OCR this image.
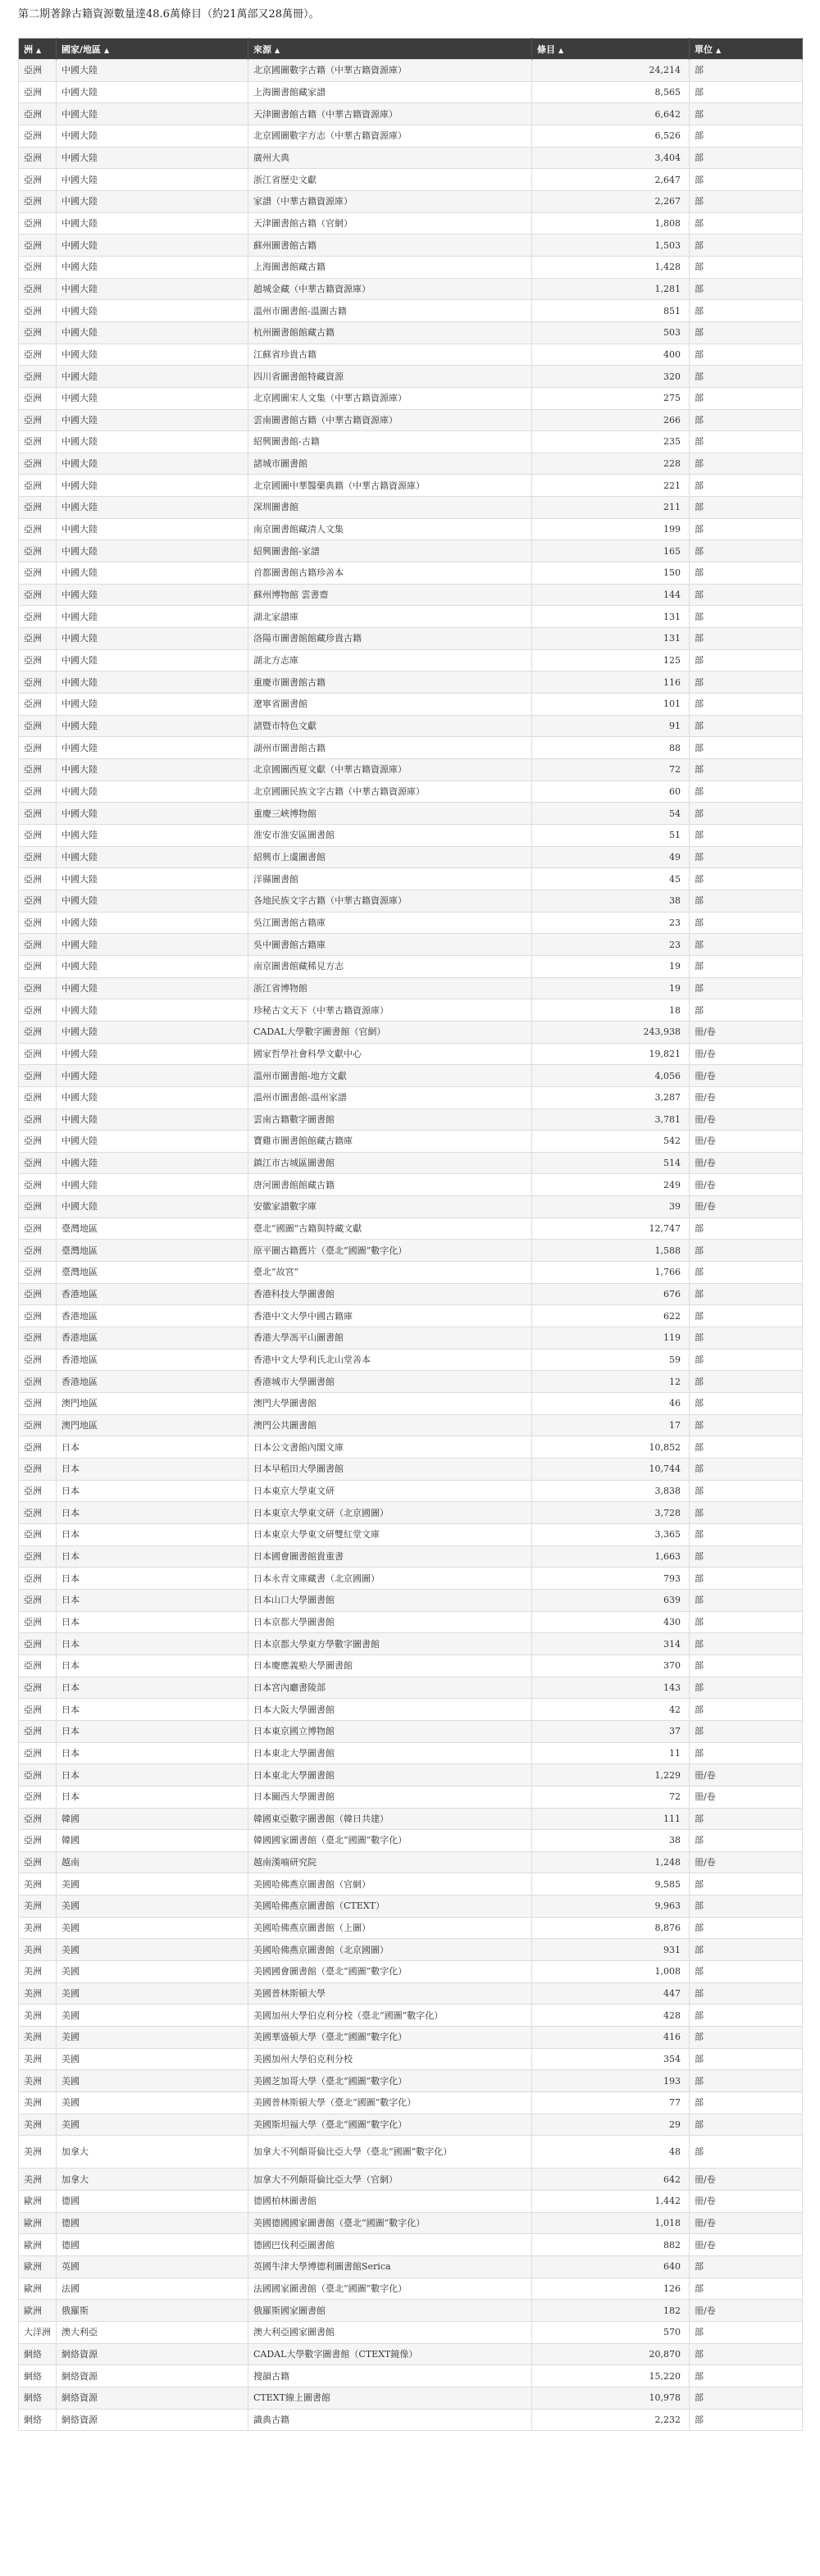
第二期著錄古籍資源數量達48.6萬條目（約21萬部又28萬冊）。

洲 ▲	國家/地區 ▲	來源 ▲	條目 ▲	單位 ▲
亞洲	中國大陸	北京國圖數字古籍（中華古籍資源庫）	24,214	部
亞洲	中國大陸	上海圖書館藏家譜	8,565	部
亞洲	中國大陸	天津圖書館古籍（中華古籍資源庫）	6,642	部
亞洲	中國大陸	北京國圖數字方志（中華古籍資源庫）	6,526	部
亞洲	中國大陸	廣州大典	3,404	部
亞洲	中國大陸	浙江省歷史文獻	2,647	部
亞洲	中國大陸	家譜（中華古籍資源庫）	2,267	部
亞洲	中國大陸	天津圖書館古籍（官網）	1,808	部
亞洲	中國大陸	蘇州圖書館古籍	1,503	部
亞洲	中國大陸	上海圖書館藏古籍	1,428	部
亞洲	中國大陸	趙城金藏（中華古籍資源庫）	1,281	部
亞洲	中國大陸	溫州市圖書館-溫圖古籍	851	部
亞洲	中國大陸	杭州圖書館館藏古籍	503	部
亞洲	中國大陸	江蘇省珍貴古籍	400	部
亞洲	中國大陸	四川省圖書館特藏資源	320	部
亞洲	中國大陸	北京國圖宋人文集（中華古籍資源庫）	275	部
亞洲	中國大陸	雲南圖書館古籍（中華古籍資源庫）	266	部
亞洲	中國大陸	紹興圖書館-古籍	235	部
亞洲	中國大陸	諸城市圖書館	228	部
亞洲	中國大陸	北京國圖中華醫藥典籍（中華古籍資源庫）	221	部
亞洲	中國大陸	深圳圖書館	211	部
亞洲	中國大陸	南京圖書館藏清人文集	199	部
亞洲	中國大陸	紹興圖書館-家譜	165	部
亞洲	中國大陸	首都圖書館古籍珍善本	150	部
亞洲	中國大陸	蘇州博物館 雲書齋	144	部
亞洲	中國大陸	湖北家譜庫	131	部
亞洲	中國大陸	洛陽市圖書館館藏珍貴古籍	131	部
亞洲	中國大陸	湖北方志庫	125	部
亞洲	中國大陸	重慶市圖書館古籍	116	部
亞洲	中國大陸	遼寧省圖書館	101	部
亞洲	中國大陸	諸暨市特色文獻	91	部
亞洲	中國大陸	湖州市圖書館古籍	88	部
亞洲	中國大陸	北京國圖西夏文獻（中華古籍資源庫）	72	部
亞洲	中國大陸	北京國圖民族文字古籍（中華古籍資源庫）	60	部
亞洲	中國大陸	重慶三峽博物館	54	部
亞洲	中國大陸	淮安市淮安區圖書館	51	部
亞洲	中國大陸	紹興市上虞圖書館	49	部
亞洲	中國大陸	洋縣圖書館	45	部
亞洲	中國大陸	各地民族文字古籍（中華古籍資源庫）	38	部
亞洲	中國大陸	吳江圖書館古籍庫	23	部
亞洲	中國大陸	吳中圖書館古籍庫	23	部
亞洲	中國大陸	南京圖書館藏稀見方志	19	部
亞洲	中國大陸	浙江省博物館	19	部
亞洲	中國大陸	珍秘古文天下（中華古籍資源庫）	18	部
亞洲	中國大陸	CADAL大學數字圖書館（官網）	243,938	冊/卷
亞洲	中國大陸	國家哲學社會科學文獻中心	19,821	冊/卷
亞洲	中國大陸	溫州市圖書館-地方文獻	4,056	冊/卷
亞洲	中國大陸	溫州市圖書館-溫州家譜	3,287	冊/卷
亞洲	中國大陸	雲南古籍數字圖書館	3,781	冊/卷
亞洲	中國大陸	寶雞市圖書館館藏古籍庫	542	冊/卷
亞洲	中國大陸	鎮江市古城區圖書館	514	冊/卷
亞洲	中國大陸	唐河圖書館館藏古籍	249	冊/卷
亞洲	中國大陸	安徽家譜數字庫	39	冊/卷
亞洲	臺灣地區	臺北“國圖”古籍與特藏文獻	12,747	部
亞洲	臺灣地區	原平圖古籍舊片（臺北“國圖”數字化）	1,588	部
亞洲	臺灣地區	臺北“故宮”	1,766	部
亞洲	香港地區	香港科技大學圖書館	676	部
亞洲	香港地區	香港中文大學中國古籍庫	622	部
亞洲	香港地區	香港大學馮平山圖書館	119	部
亞洲	香港地區	香港中文大學利氏北山堂善本	59	部
亞洲	香港地區	香港城市大學圖書館	12	部
亞洲	澳門地區	澳門大學圖書館	46	部
亞洲	澳門地區	澳門公共圖書館	17	部
亞洲	日本	日本公文書館內閣文庫	10,852	部
亞洲	日本	日本早稻田大學圖書館	10,744	部
亞洲	日本	日本東京大學東文研	3,838	部
亞洲	日本	日本東京大學東文研（北京國圖）	3,728	部
亞洲	日本	日本東京大學東文研雙紅堂文庫	3,365	部
亞洲	日本	日本國會圖書館貴重書	1,663	部
亞洲	日本	日本永青文庫藏書（北京國圖）	793	部
亞洲	日本	日本山口大學圖書館	639	部
亞洲	日本	日本京都大學圖書館	430	部
亞洲	日本	日本京都大學東方學數字圖書館	314	部
亞洲	日本	日本慶應義塾大學圖書館	370	部
亞洲	日本	日本宮內廳書陵部	143	部
亞洲	日本	日本大阪大學圖書館	42	部
亞洲	日本	日本東京國立博物館	37	部
亞洲	日本	日本東北大學圖書館	11	部
亞洲	日本	日本東北大學圖書館	1,229	冊/卷
亞洲	日本	日本關西大學圖書館	72	冊/卷
亞洲	韓國	韓國東亞數字圖書館（韓日共建）	111	部
亞洲	韓國	韓國國家圖書館（臺北“國圖”數字化）	38	部
亞洲	越南	越南漢喃研究院	1,248	冊/卷
美洲	美國	美國哈佛燕京圖書館（官網）	9,585	部
美洲	美國	美國哈佛燕京圖書館（CTEXT）	9,963	部
美洲	美國	美國哈佛燕京圖書館（上圖）	8,876	部
美洲	美國	美國哈佛燕京圖書館（北京國圖）	931	部
美洲	美國	美國國會圖書館（臺北“國圖”數字化）	1,008	部
美洲	美國	美國普林斯頓大學	447	部
美洲	美國	美國加州大學伯克利分校（臺北“國圖”數字化）	428	部
美洲	美國	美國華盛頓大學（臺北“國圖”數字化）	416	部
美洲	美國	美國加州大學伯克利分校	354	部
美洲	美國	美國芝加哥大學（臺北“國圖”數字化）	193	部
美洲	美國	美國普林斯頓大學（臺北“國圖”數字化）	77	部
美洲	美國	美國斯坦福大學（臺北“國圖”數字化）	29	部
美洲	加拿大	加拿大不列顛哥倫比亞大學（臺北“國圖”數字化）	48	部
美洲	加拿大	加拿大不列顛哥倫比亞大學（官網）	642	冊/卷
歐洲	德國	德國柏林圖書館	1,442	冊/卷
歐洲	德國	美國德國國家圖書館（臺北“國圖”數字化）	1,018	冊/卷
歐洲	德國	德國巴伐利亞圖書館	882	冊/卷
歐洲	英國	英國牛津大學博德利圖書館Serica	640	部
歐洲	法國	法國國家圖書館（臺北“國圖”數字化）	126	部
歐洲	俄羅斯	俄羅斯國家圖書館	182	冊/卷
大洋洲	澳大利亞	澳大利亞國家圖書館	570	部
網絡	網絡資源	CADAL大學數字圖書館（CTEXT鏡像）	20,870	部
網絡	網絡資源	搜韻古籍	15,220	部
網絡	網絡資源	CTEXT線上圖書館	10,978	部
網絡	網絡資源	識典古籍	2,232	部
